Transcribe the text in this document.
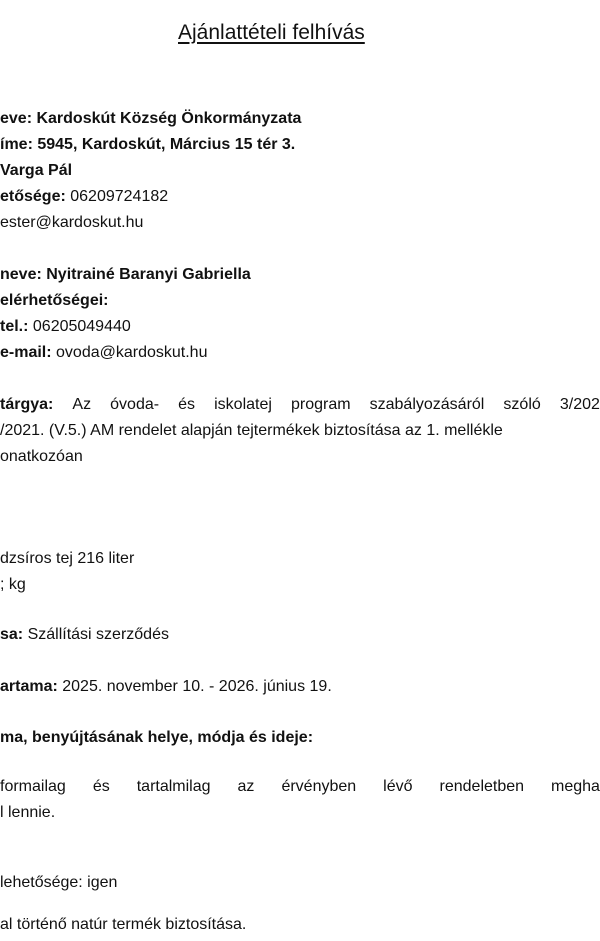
Ajánlattételi felhívás
eve: Kardoskút Község Önkormányzata
íme: 5945, Kardoskút, Március 15 tér 3.
Varga Pál
etősége: 06209724182
ester@kardoskut.hu
neve: Nyitrainé Baranyi Gabriella
elérhetőségei:
tel.: 06205049440
e-mail: ovoda@kardoskut.hu
tárgya: Az óvoda- és iskolatej program szabályozásáról szóló 3/202
/2021. (V.5.) AM rendelet alapján tejtermékek biztosítása az 1. mellékle
onatkozóan
dzsíros tej 216 liter
; kg
sa: Szállítási szerződés
artama: 2025. november 10. - 2026. június 19.
ma, benyújtásának helye, módja és ideje:
formailag és tartalmilag az érvényben lévő rendeletben megha
l lennie.
lehetősége: igen
al történő natúr termék biztosítása.
